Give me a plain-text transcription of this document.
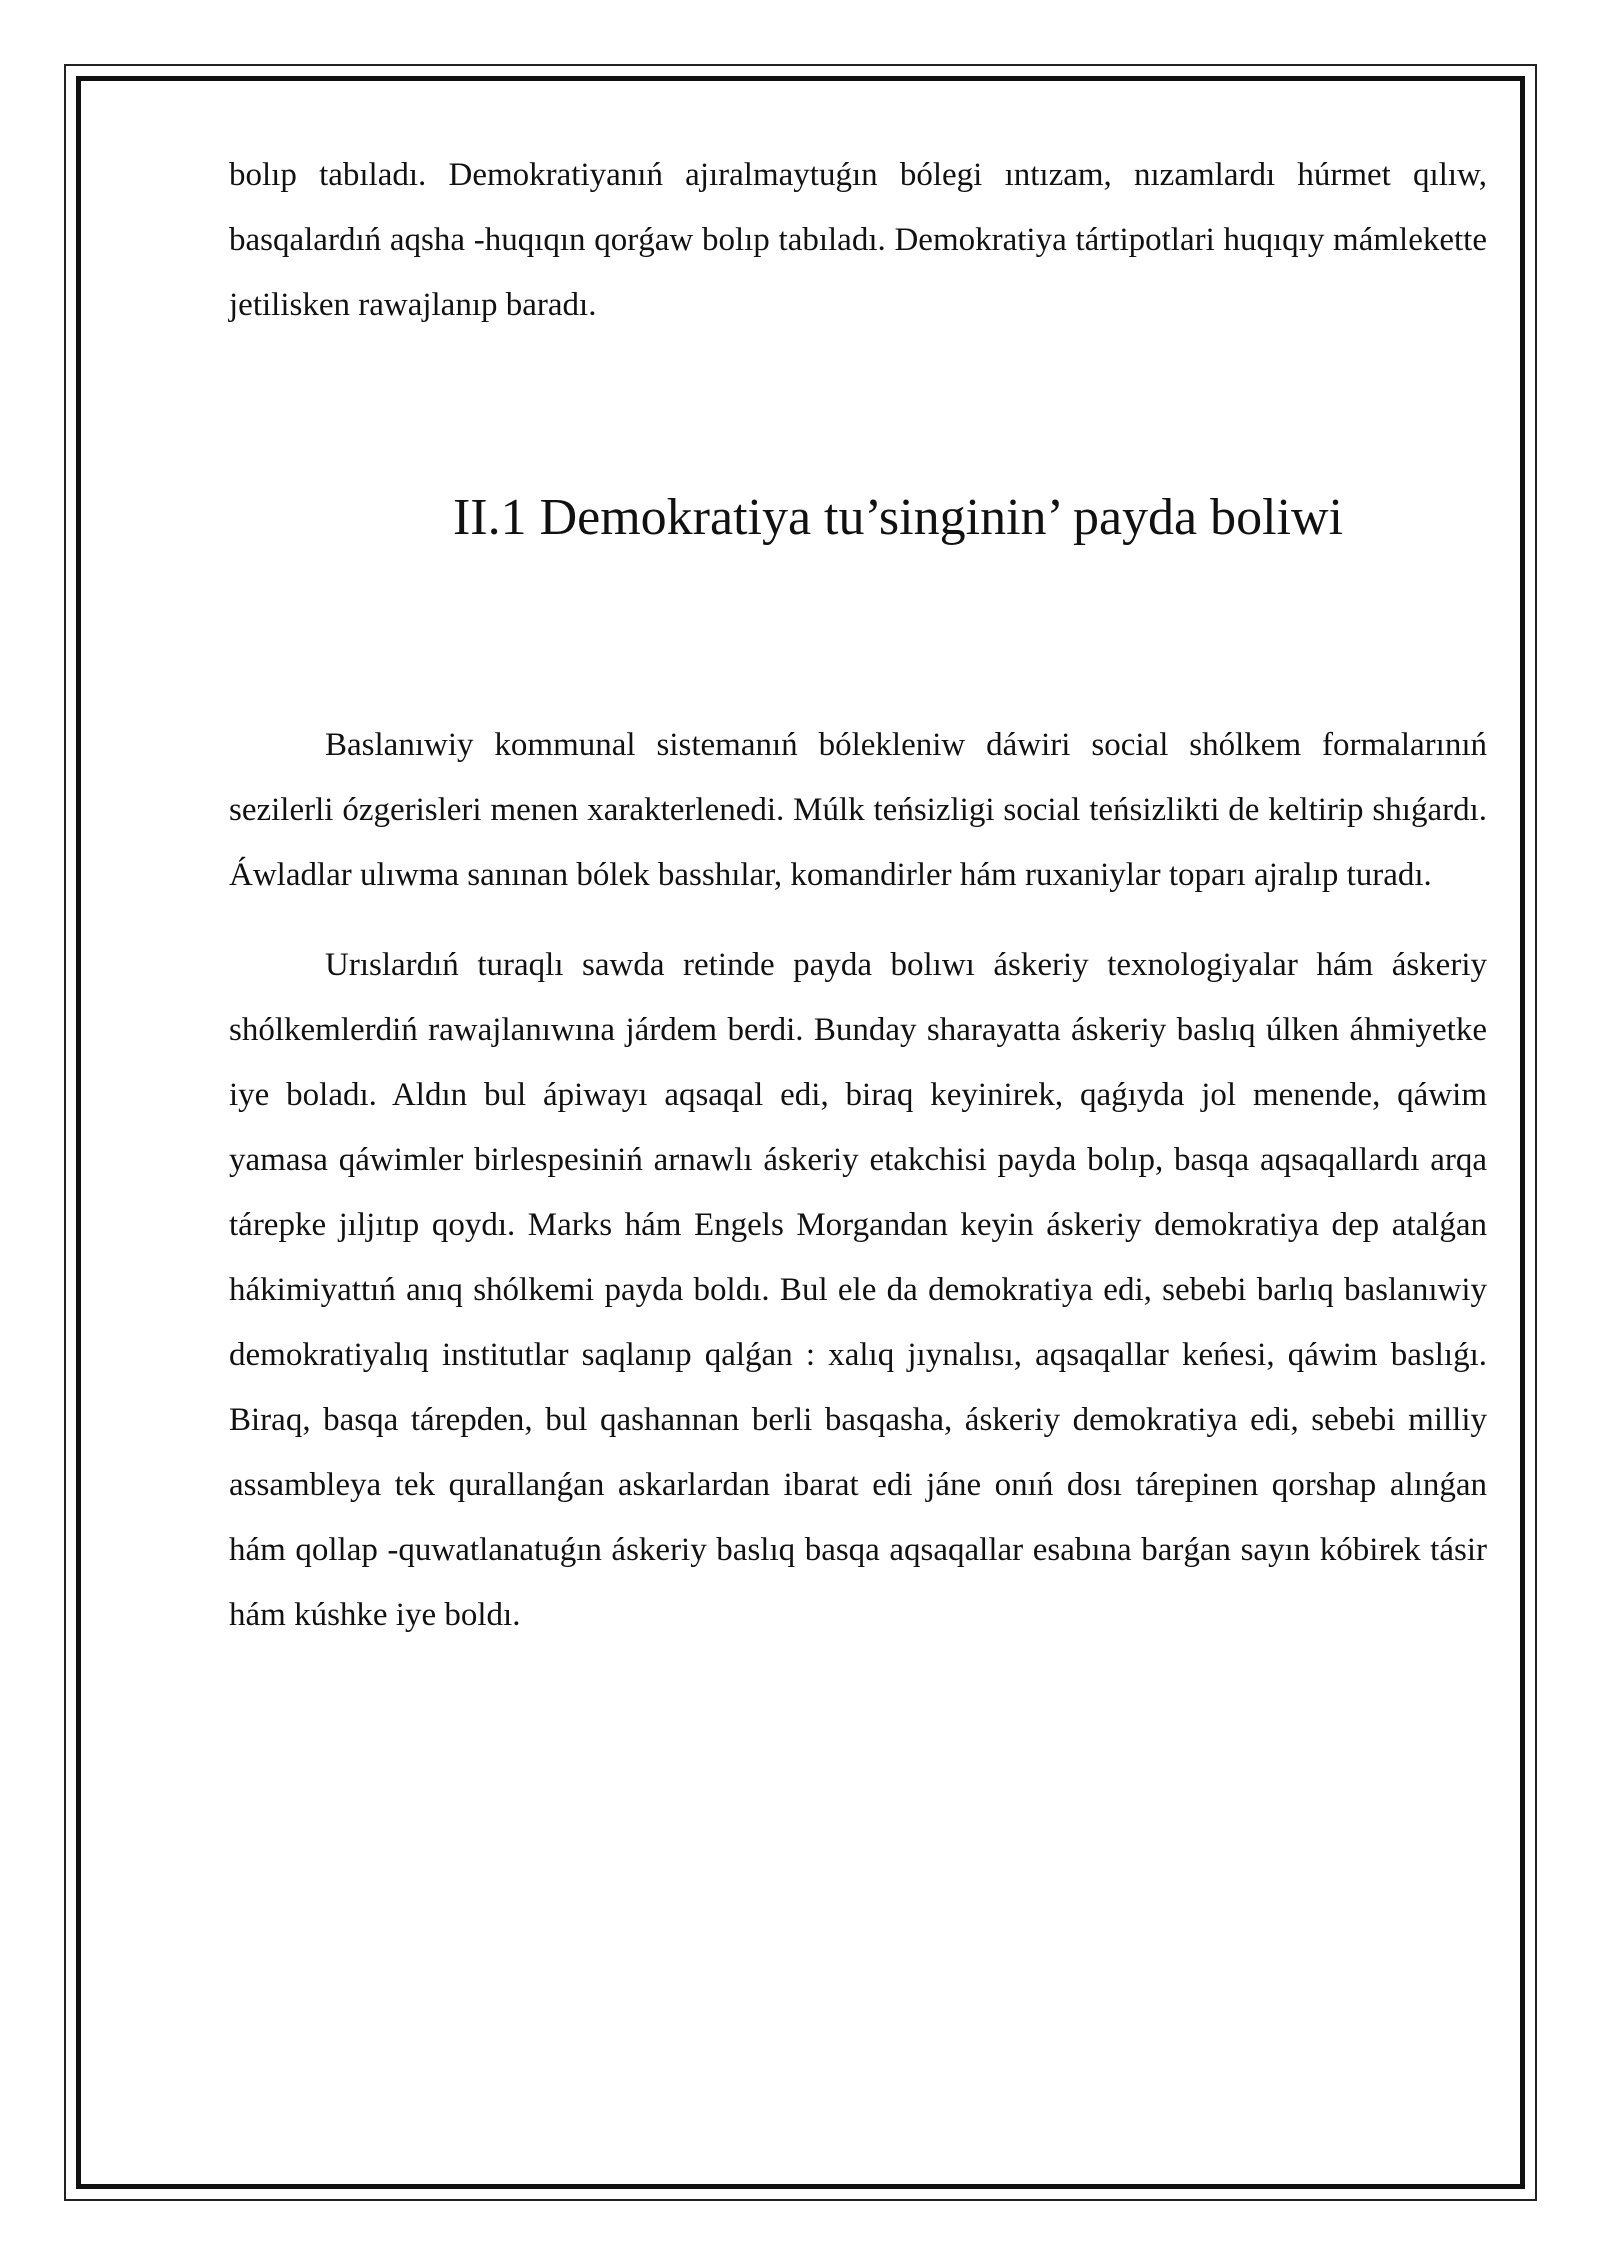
bolıp tabıladı. Demokratiyanıń ajıralmaytuǵın bólegi ıntızam, nızamlardı húrmet qılıw, basqalardıń aqsha -huqıqın qorǵaw bolıp tabıladı. Demokratiya tártipotlari huqıqıy mámlekette jetilisken rawajlanıp baradı.

II.1 Demokratiya tu’singinin’ payda boliwi

Baslanıwiy kommunal sistemanıń bólekleniw dáwiri social shólkem formalarınıń sezilerli ózgerisleri menen xarakterlenedi. Múlk teńsizligi social teńsizlikti de keltirip shıǵardı. Áwladlar ulıwma sanınan bólek basshılar, komandirler hám ruxaniylar toparı ajralıp turadı.

Urıslardıń turaqlı sawda retinde payda bolıwı áskeriy texnologiyalar hám áskeriy shólkemlerdiń rawajlanıwına járdem berdi. Bunday sharayatta áskeriy baslıq úlken áhmiyetke iye boladı. Aldın bul ápiwayı aqsaqal edi, biraq keyinirek, qaǵıyda jol menende, qáwim yamasa qáwimler birlespesiniń arnawlı áskeriy etakchisi payda bolıp, basqa aqsaqallardı arqa tárepke jıljıtıp qoydı. Marks hám Engels Morgandan keyin áskeriy demokratiya dep atalǵan hákimiyattıń anıq shólkemi payda boldı. Bul ele da demokratiya edi, sebebi barlıq baslanıwiy demokratiyalıq institutlar saqlanıp qalǵan : xalıq jıynalısı, aqsaqallar keńesi, qáwim baslıǵı. Biraq, basqa tárepden, bul qashannan berli basqasha, áskeriy demokratiya edi, sebebi milliy assambleya tek qurallanǵan askarlardan ibarat edi jáne onıń dosı tárepinen qorshap alınǵan hám qollap -quwatlanatuǵın áskeriy baslıq basqa aqsaqallar esabına barǵan sayın kóbirek tásir hám kúshke iye boldı.
